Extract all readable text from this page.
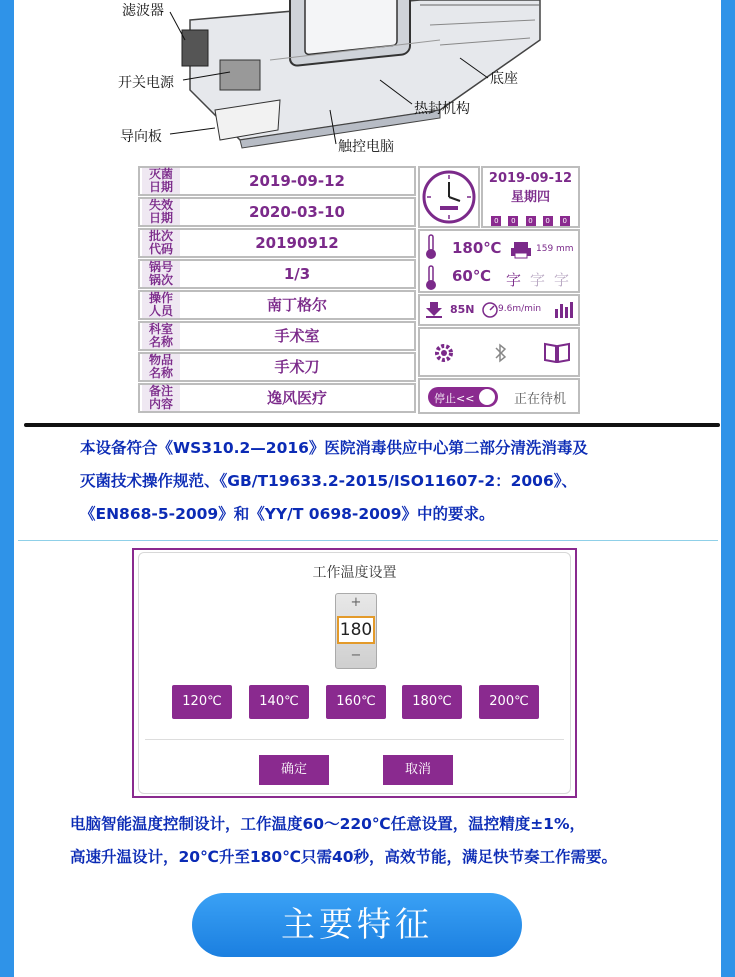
滤波器
开关电源	底座
热封机构
导向板
触控电脑
灭菌
日期	2019-09-12
失效
日期	2020-03-10
批次
代码	20190912
锅号
锅次	1/3
操作
人员	南丁格尔
科室
名称	手术室
物品
名称	手术刀
备注
内容	逸风医疗
2019-09-12
星期四
0 0 0 0 0
180℃	159 mm
60℃ 字 字 字
85N	9.6m/min
停止<<	正在待机
本设备符合《WS310.2—2016》医院消毒供应中心第二部分清洗消毒及
灭菌技术操作规范、《GB/T19633.2-2015/ISO11607-2：2006》、
《EN868-5-2009》和《YY/T 0698-2009》中的要求。
工作温度设置
+
180
−
120℃	140℃	160℃	180℃	200℃
确定	取消
电脑智能温度控制设计，工作温度60～220℃任意设置，温控精度±1%，
高速升温设计，20℃升至180℃只需40秒，高效节能，满足快节奏工作需要。
主要特征
